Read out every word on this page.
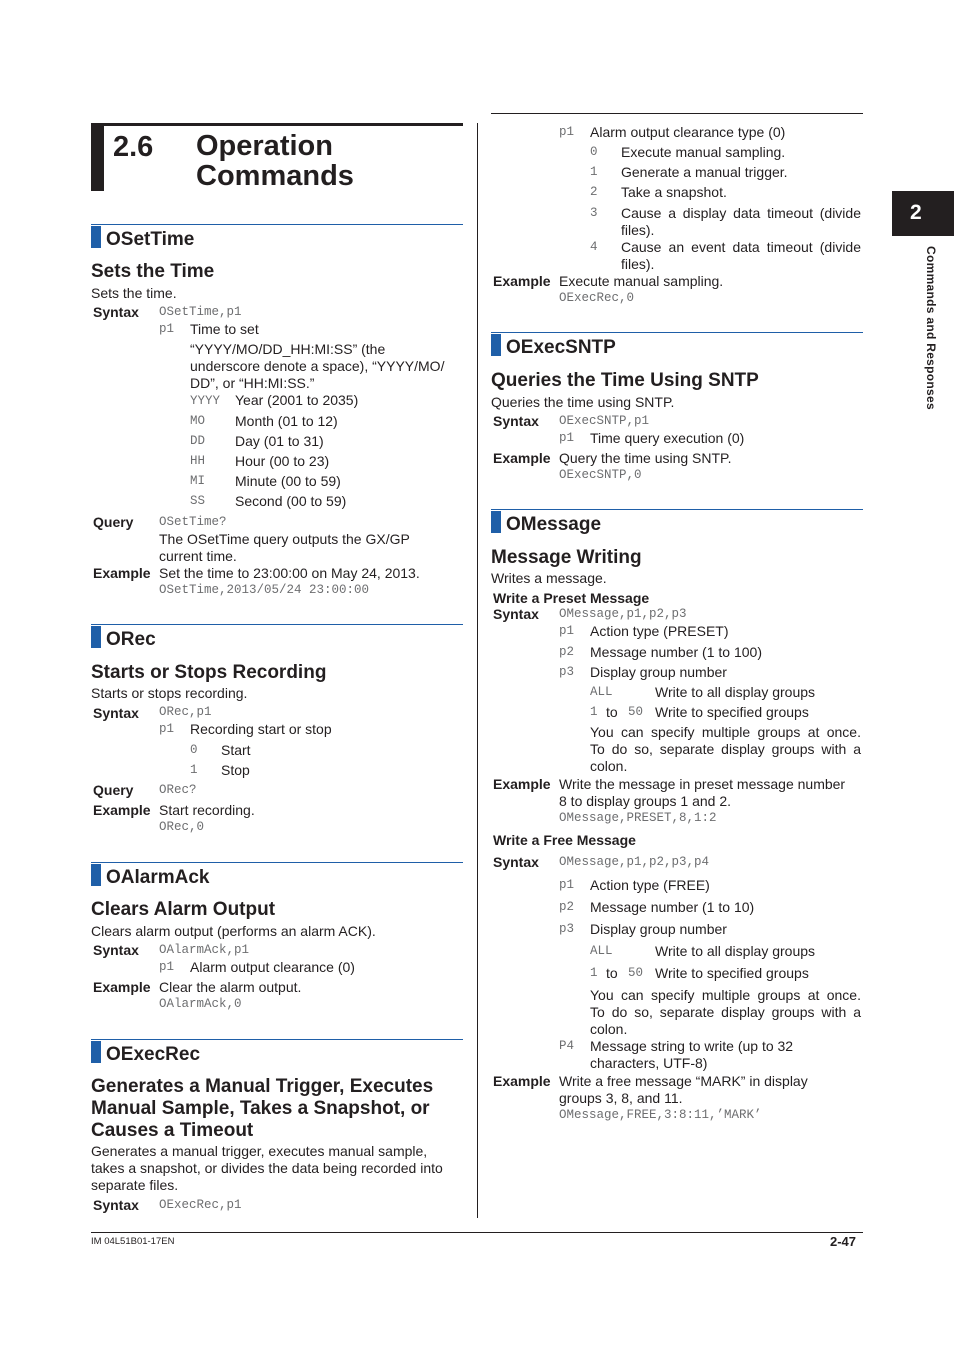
2.6 Operation
Commands
2
Commands and Responses
OSetTime
Sets the Time
Sets the time.
Syntax OSetTime,p1
p1 Time to set
“YYYY/MO/DD_HH:MI:SS” (the
underscore denote a space), “YYYY/MO/
DD”, or “HH:MI:SS.”
YYYY Year (2001 to 2035)
MO Month (01 to 12)
DD Day (01 to 31)
HH Hour (00 to 23)
MI Minute (00 to 59)
SS Second (00 to 59)
Query OSetTime?
The OSetTime query outputs the GX/GP
current time.
Example Set the time to 23:00:00 on May 24, 2013.
OSetTime,2013/05/24 23:00:00
ORec
Starts or Stops Recording
Starts or stops recording.
Syntax ORec,p1
p1 Recording start or stop
0 Start
1 Stop
Query ORec?
Example Start recording.
ORec,0
OAlarmAck
Clears Alarm Output
Clears alarm output (performs an alarm ACK).
Syntax OAlarmAck,p1
p1 Alarm output clearance (0)
Example Clear the alarm output.
OAlarmAck,0
OExecRec
Generates a Manual Trigger, Executes
Manual Sample, Takes a Snapshot, or
Causes a Timeout
Generates a manual trigger, executes manual sample,
takes a snapshot, or divides the data being recorded into
separate files.
Syntax OExecRec,p1
p1 Alarm output clearance type (0)
0 Execute manual sampling.
1 Generate a manual trigger.
2 Take a snapshot.
3 Cause a display data timeout (divide
files).
4 Cause an event data timeout (divide
files).
Example Execute manual sampling.
OExecRec,0
OExecSNTP
Queries the Time Using SNTP
Queries the time using SNTP.
Syntax OExecSNTP,p1
p1 Time query execution (0)
Example Query the time using SNTP.
OExecSNTP,0
OMessage
Message Writing
Writes a message.
Write a Preset Message
Syntax OMessage,p1,p2,p3
p1 Action type (PRESET)
p2 Message number (1 to 100)
p3 Display group number
ALL	Write to all display groups
1 to 50 Write to specified groups
You can specify multiple groups at once.
To do so, separate display groups with a
colon.
Example Write the message in preset message number
8 to display groups 1 and 2.
OMessage,PRESET,8,1:2
Write a Free Message
Syntax OMessage,p1,p2,p3,p4
p1 Action type (FREE)
p2 Message number (1 to 10)
p3 Display group number
ALL	Write to all display groups
1 to 50 Write to specified groups
You can specify multiple groups at once.
To do so, separate display groups with a
colon.
P4 Message string to write (up to 32
characters, UTF-8)
Example Write a free message “MARK” in display
groups 3, 8, and 11.
OMessage,FREE,3:8:11,’MARK’
IM 04L51B01-17EN	2-47
